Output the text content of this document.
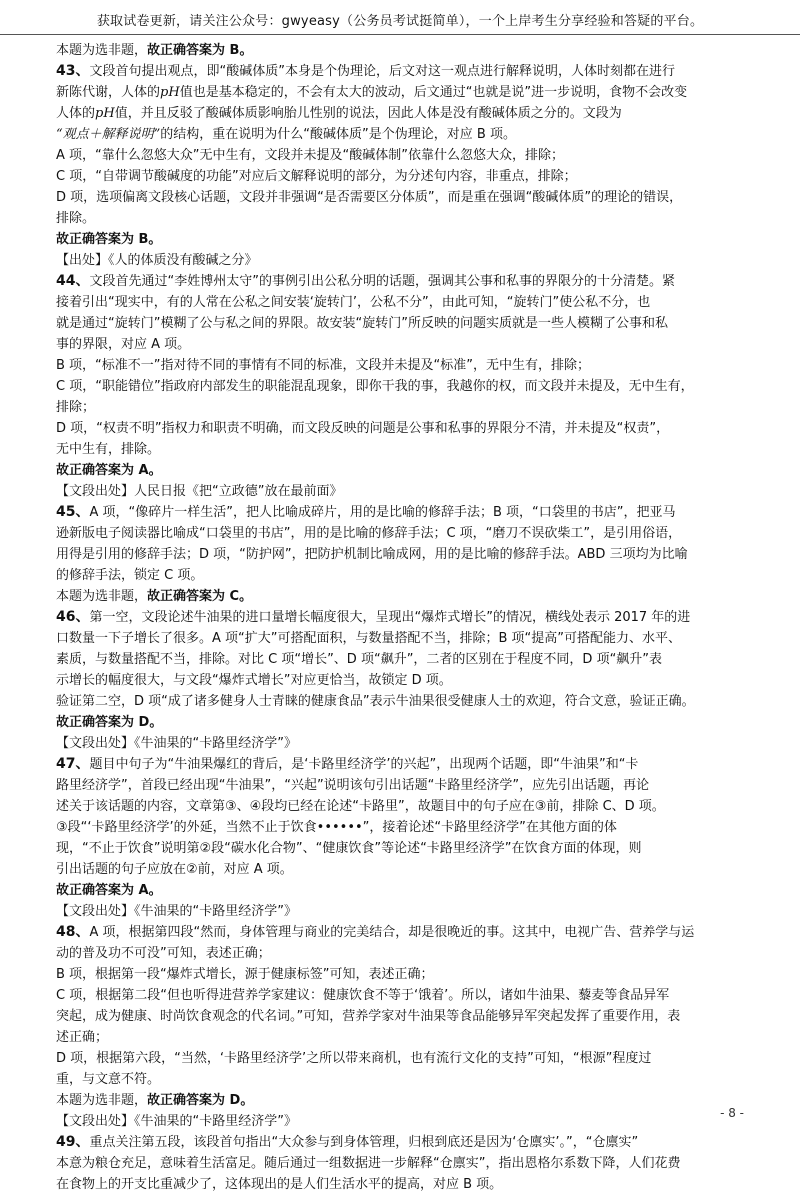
获取试卷更新，请关注公众号：gwyeasy（公务员考试挺简单），一个上岸考生分享经验和答疑的平台。

本题为选非题，故正确答案为 B。

43、文段首句提出观点，即“酸碱体质”本身是个伪理论，后文对这一观点进行解释说明，人体时刻都在进行

新陈代谢，人体的pH值也是基本稳定的，不会有太大的波动，后文通过“也就是说”进一步说明，食物不会改变

人体的pH值，并且反驳了酸碱体质影响胎儿性别的说法，因此人体是没有酸碱体质之分的。文段为

“观点＋解释说明”的结构，重在说明为什么“酸碱体质”是个伪理论，对应 B 项。

A 项，“靠什么忽悠大众”无中生有，文段并未提及“酸碱体制”依靠什么忽悠大众，排除；

C 项，“自带调节酸碱度的功能”对应后文解释说明的部分，为分述句内容，非重点，排除；

D 项，选项偏离文段核心话题，文段并非强调“是否需要区分体质”，而是重在强调“酸碱体质”的理论的错误，

排除。

故正确答案为 B。

【出处】《人的体质没有酸碱之分》

44、文段首先通过“李姓博州太守”的事例引出公私分明的话题，强调其公事和私事的界限分的十分清楚。紧

接着引出“现实中，有的人常在公私之间安装‘旋转门’，公私不分”，由此可知，“旋转门”使公私不分，也

就是通过“旋转门”模糊了公与私之间的界限。故安装“旋转门”所反映的问题实质就是一些人模糊了公事和私

事的界限，对应 A 项。

B 项，“标准不一”指对待不同的事情有不同的标准，文段并未提及“标准”，无中生有，排除；

C 项，“职能错位”指政府内部发生的职能混乱现象，即你干我的事，我越你的权，而文段并未提及，无中生有，

排除；

D 项，“权责不明”指权力和职责不明确，而文段反映的问题是公事和私事的界限分不清，并未提及“权责”，

无中生有，排除。

故正确答案为 A。

【文段出处】人民日报《把“立政德”放在最前面》

45、A 项，“像碎片一样生活”，把人比喻成碎片，用的是比喻的修辞手法；B 项，“口袋里的书店”，把亚马

逊新版电子阅读器比喻成“口袋里的书店”，用的是比喻的修辞手法；C 项，“磨刀不误砍柴工”，是引用俗语，

用得是引用的修辞手法；D 项，“防护网”，把防护机制比喻成网，用的是比喻的修辞手法。ABD 三项均为比喻

的修辞手法，锁定 C 项。

本题为选非题，故正确答案为 C。

46、第一空，文段论述牛油果的进口量增长幅度很大，呈现出“爆炸式增长”的情况，横线处表示 2017 年的进

口数量一下子增长了很多。A 项“扩大”可搭配面积，与数量搭配不当，排除；B 项“提高”可搭配能力、水平、

素质，与数量搭配不当，排除。对比 C 项“增长”、D 项“飙升”，二者的区别在于程度不同，D 项“飙升”表

示增长的幅度很大，与文段“爆炸式增长”对应更恰当，故锁定 D 项。

验证第二空，D 项“成了诸多健身人士青睐的健康食品”表示牛油果很受健康人士的欢迎，符合文意，验证正确。

故正确答案为 D。

【文段出处】《牛油果的“卡路里经济学”》

47、题目中句子为“牛油果爆红的背后，是‘卡路里经济学’的兴起”，出现两个话题，即“牛油果”和“卡

路里经济学”，首段已经出现“牛油果”，“兴起”说明该句引出话题“卡路里经济学”，应先引出话题，再论

述关于该话题的内容，文章第③、④段均已经在论述“卡路里”，故题目中的句子应在③前，排除 C、D 项。

③段“‘卡路里经济学’的外延，当然不止于饮食••••••”，接着论述“卡路里经济学”在其他方面的体

现，“不止于饮食”说明第②段“碳水化合物”、“健康饮食”等论述“卡路里经济学”在饮食方面的体现，则

引出话题的句子应放在②前，对应 A 项。

故正确答案为 A。

【文段出处】《牛油果的“卡路里经济学”》

48、A 项，根据第四段“然而，身体管理与商业的完美结合，却是很晚近的事。这其中，电视广告、营养学与运

动的普及功不可没”可知，表述正确；

B 项，根据第一段“爆炸式增长，源于健康标签”可知，表述正确；

C 项，根据第二段“但也听得进营养学家建议：健康饮食不等于‘饿着’。所以，诸如牛油果、藜麦等食品异军

突起，成为健康、时尚饮食观念的代名词。”可知，营养学家对牛油果等食品能够异军突起发挥了重要作用，表

述正确；

D 项，根据第六段，“当然，‘卡路里经济学’之所以带来商机，也有流行文化的支持”可知，“根源”程度过

重，与文意不符。

本题为选非题，故正确答案为 D。

【文段出处】《牛油果的“卡路里经济学”》

49、重点关注第五段，该段首句指出“大众参与到身体管理，归根到底还是因为‘仓廪实’。”，“仓廪实”

本意为粮仓充足，意味着生活富足。随后通过一组数据进一步解释“仓廪实”，指出恩格尔系数下降，人们花费

在食物上的开支比重减少了，这体现出的是人们生活水平的提高，对应 B 项。

- 8 -
